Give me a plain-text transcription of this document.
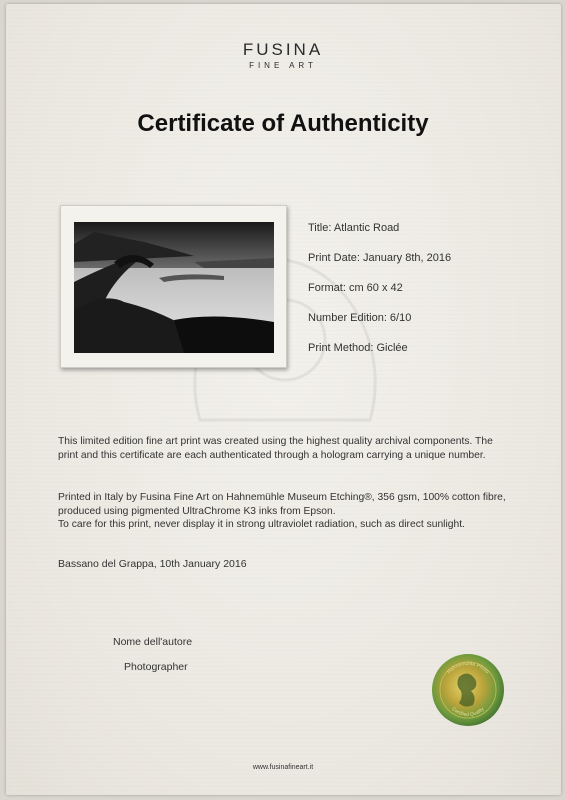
FUSINA
FINE ART
Certificate of Authenticity
Title: Atlantic Road
Print Date: January 8th, 2016
Format: cm 60 x 42
Number Edition: 6/10
Print Method: Giclée
This limited edition fine art print was created using the highest quality archival components. The print and this certificate are each authenticated through a hologram carrying a unique number.
Printed in Italy by Fusina Fine Art on Hahnemühle Museum Etching®, 356 gsm, 100% cotton fibre, produced using pigmented UltraChrome K3 inks from Epson.
To care for this print, never display it in strong ultraviolet radiation, such as direct sunlight.
Bassano del Grappa, 10th January 2016
Nome dell'autore
Photographer	Hahnemühle Photo
Certified Quality
www.fusinafineart.it
